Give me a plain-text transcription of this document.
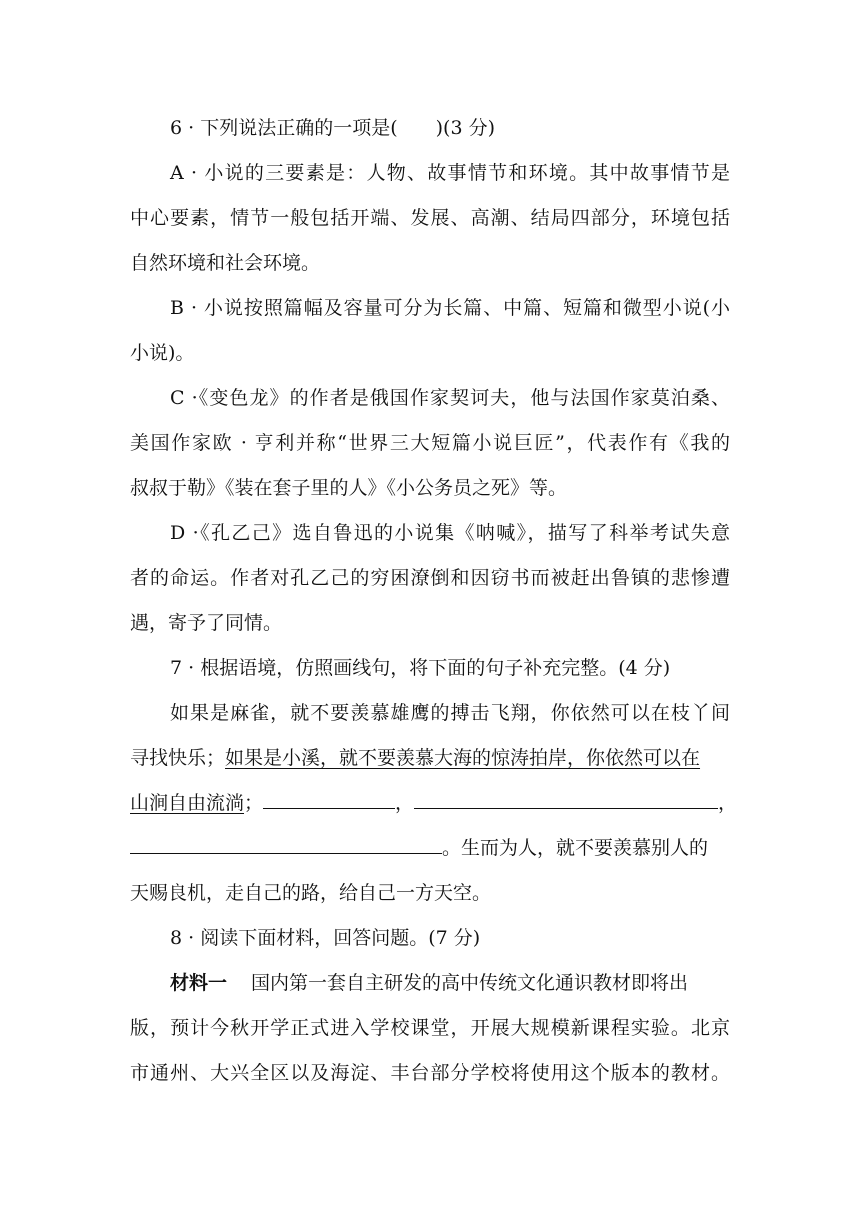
6 · 下列说法正确的一项是(　　)(3 分)
A · 小说的三要素是：人物、故事情节和环境。其中故事情节是
中心要素，情节一般包括开端、发展、高潮、结局四部分，环境包括
自然环境和社会环境。
B · 小说按照篇幅及容量可分为长篇、中篇、短篇和微型小说(小
小说)。
C ·《变色龙》的作者是俄国作家契诃夫，他与法国作家莫泊桑、
美国作家欧 · 亨利并称“世界三大短篇小说巨匠”，代表作有《我的
叔叔于勒》《装在套子里的人》《小公务员之死》等。
D ·《孔乙己》选自鲁迅的小说集《呐喊》，描写了科举考试失意
者的命运。作者对孔乙己的穷困潦倒和因窃书而被赶出鲁镇的悲惨遭
遇，寄予了同情。
7 · 根据语境，仿照画线句，将下面的句子补充完整。(4 分)
如果是麻雀，就不要羡慕雄鹰的搏击飞翔，你依然可以在枝丫间
寻找快乐；如果是小溪，就不要羡慕大海的惊涛拍岸，你依然可以在
山涧自由流淌；	，	，
。生而为人，就不要羡慕别人的
天赐良机，走自己的路，给自己一方天空。
8 · 阅读下面材料，回答问题。(7 分)
材料一 国内第一套自主研发的高中传统文化通识教材即将出
版，预计今秋开学正式进入学校课堂，开展大规模新课程实验。北京
市通州、大兴全区以及海淀、丰台部分学校将使用这个版本的教材。
